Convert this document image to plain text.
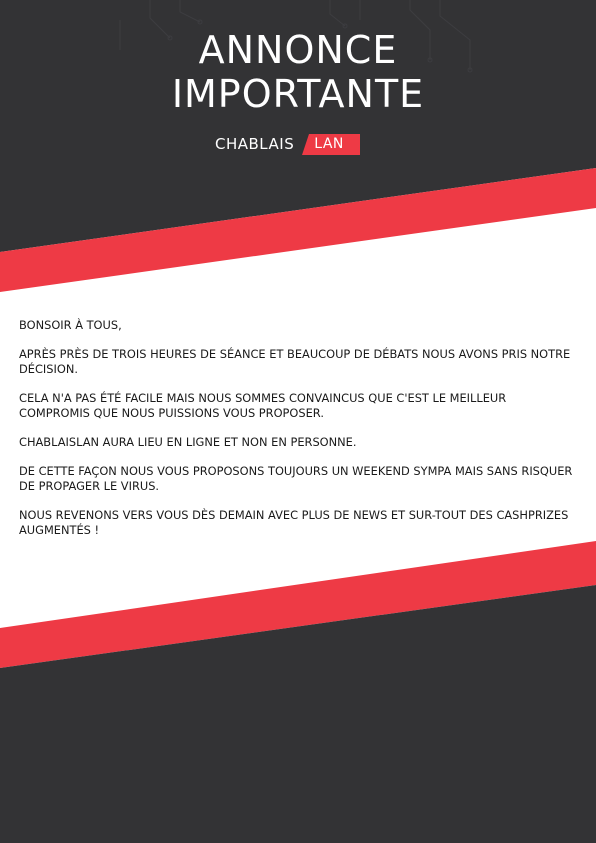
ANNONCE
IMPORTANTE
CHABLAIS LAN

BONSOIR À TOUS,

APRÈS PRÈS DE TROIS HEURES DE SÉANCE ET BEAUCOUP DE DÉBATS NOUS AVONS PRIS NOTRE DÉCISION.

CELA N'A PAS ÉTÉ FACILE MAIS NOUS SOMMES CONVAINCUS QUE C'EST LE MEILLEUR COMPROMIS QUE NOUS PUISSIONS VOUS PROPOSER.

CHABLAISLAN AURA LIEU EN LIGNE ET NON EN PERSONNE.

DE CETTE FAÇON NOUS VOUS PROPOSONS TOUJOURS UN WEEKEND SYMPA MAIS SANS RISQUER DE PROPAGER LE VIRUS.

NOUS REVENONS VERS VOUS DÈS DEMAIN AVEC PLUS DE NEWS ET SUR-TOUT DES CASHPRIZES AUGMENTÉS !
